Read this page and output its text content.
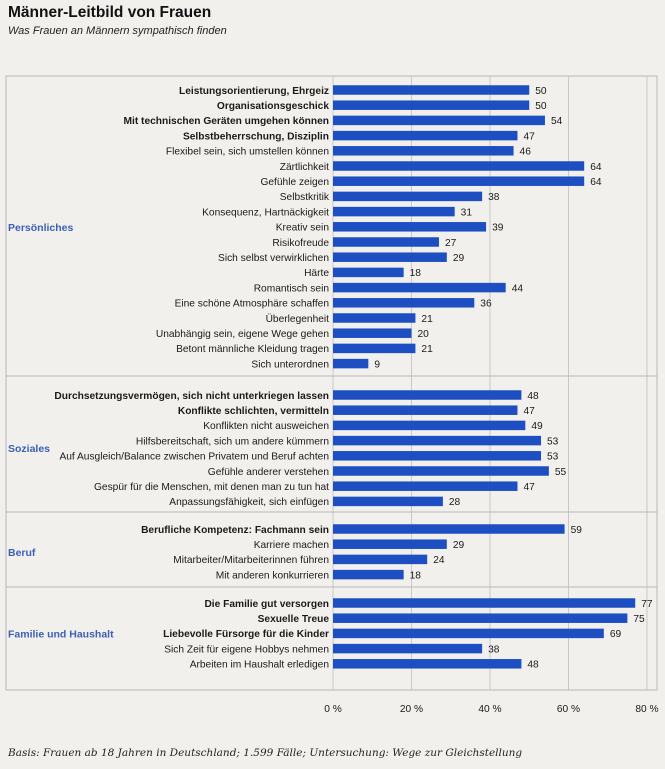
Männer-Leitbild von Frauen
Was Frauen an Männern sympathisch finden
Persönliches
Leistungsorientierung, Ehrgeiz	50
Organisationsgeschick	50
Mit technischen Geräten umgehen können	54
Selbstbeherrschung, Disziplin	47
Flexibel sein, sich umstellen können	46
Zärtlichkeit	64
Gefühle zeigen	64
Selbstkritik	38
Konsequenz, Hartnäckigkeit	31
Kreativ sein	39
Risikofreude	27
Sich selbst verwirklichen	29
Härte	18
Romantisch sein	44
Eine schöne Atmosphäre schaffen	36
Überlegenheit	21
Unabhängig sein, eigene Wege gehen	20
Betont männliche Kleidung tragen	21
Sich unterordnen	9
Soziales
Durchsetzungsvermögen, sich nicht unterkriegen lassen	48
Konflikte schlichten, vermitteln	47
Konflikten nicht ausweichen	49
Hilfsbereitschaft, sich um andere kümmern	53
Auf Ausgleich/Balance zwischen Privatem und Beruf achten	53
Gefühle anderer verstehen	55
Gespür für die Menschen, mit denen man zu tun hat	47
Anpassungsfähigkeit, sich einfügen	28
Beruf
Berufliche Kompetenz: Fachmann sein	59
Karriere machen	29
Mitarbeiter/Mitarbeiterinnen führen	24
Mit anderen konkurrieren	18
Familie und Haushalt
Die Familie gut versorgen	77
Sexuelle Treue	75
Liebevolle Fürsorge für die Kinder	69
Sich Zeit für eigene Hobbys nehmen	38
Arbeiten im Haushalt erledigen	48
0 %	20 %	40 %	60 %	80 %
Basis: Frauen ab 18 Jahren in Deutschland; 1.599 Fälle; Untersuchung: Wege zur Gleichstellung
